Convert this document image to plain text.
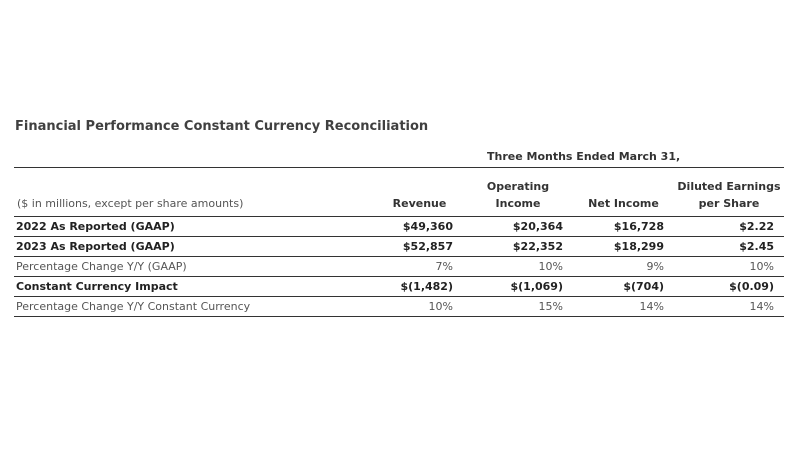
Financial Performance Constant Currency Reconciliation
Three Months Ended March 31,
($ in millions, except per share amounts)	Revenue	Operating Income	Net Income	Diluted Earnings per Share
2022 As Reported (GAAP)	$49,360	$20,364	$16,728	$2.22
2023 As Reported (GAAP)	$52,857	$22,352	$18,299	$2.45
Percentage Change Y/Y (GAAP)	7%	10%	9%	10%
Constant Currency Impact	$(1,482)	$(1,069)	$(704)	$(0.09)
Percentage Change Y/Y Constant Currency	10%	15%	14%	14%
